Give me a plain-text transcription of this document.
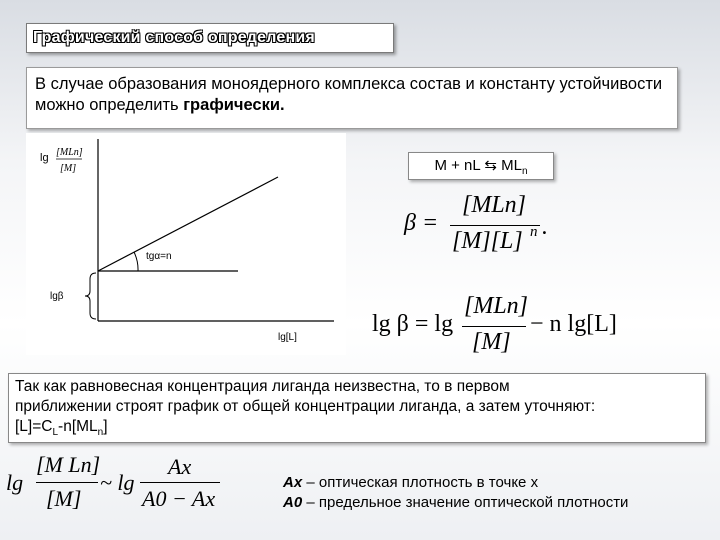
Графический способ определения
В случае образования моноядерного комплекса состав и константу устойчивости можно определить графически.
lg [MLn]
[M]
tgα=n
lgβ
lg[L]
M + nL ⇆ $ML_n$
β =
[MLn]
[M][L] n .
lg β = lg
[MLn]
[M]
− n lg[L]
Так как равновесная концентрация лиганда неизвестна, то в первом
приближении строят график от общей концентрации лиганда, а затем уточняют:
$[L]=C_L-n[ML_n]$
lg
[M Ln]
[M]
~ lg
Ax
A0 − Ax
Ax – оптическая плотность в точке x
A0 – предельное значение оптической плотности
